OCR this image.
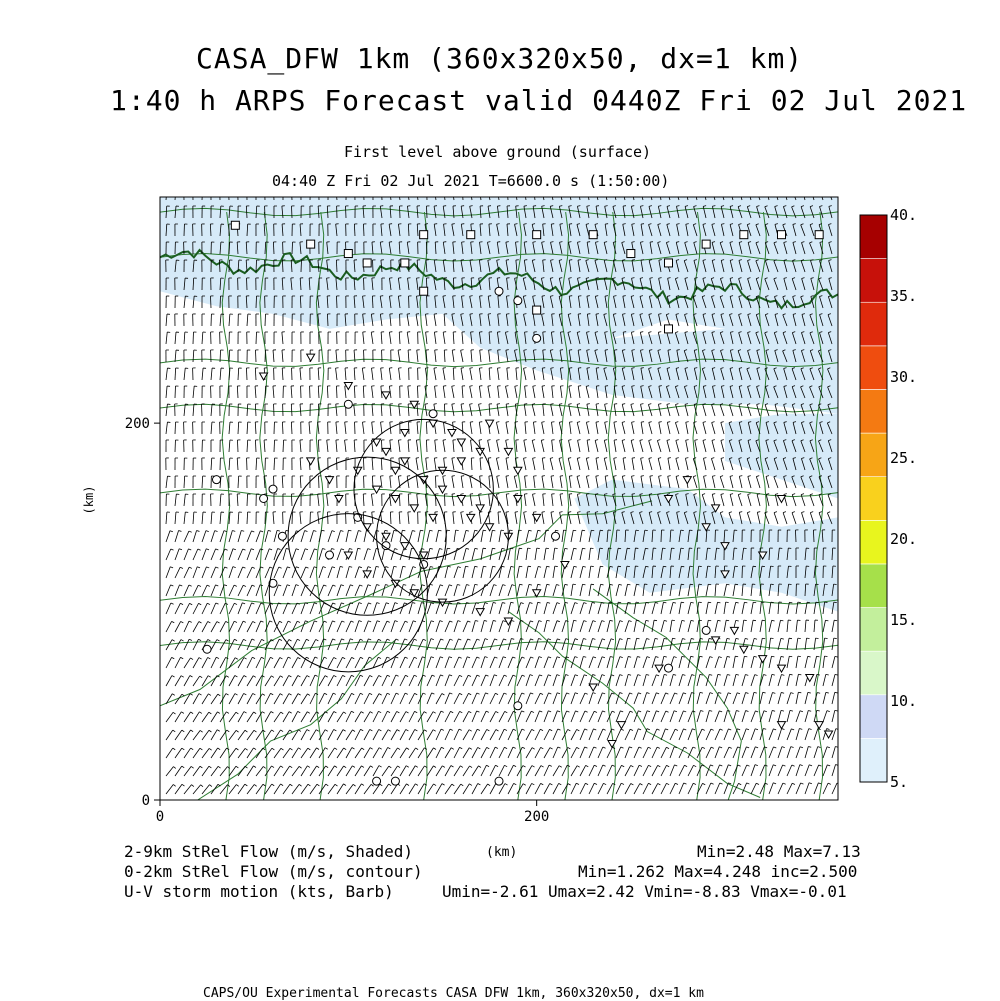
0	200
0
200
(km)
5.
10.
15.
20.
25.
30.
35.
40.
CASA_DFW 1km (360x320x50, dx=1 km)
1:40 h ARPS Forecast valid 0440Z Fri 02 Jul 2021
First level above ground (surface)
04:40 Z Fri 02 Jul 2021 T=6600.0 s (1:50:00)
2-9km StRel Flow (m/s, Shaded)
0-2km StRel Flow (m/s, contour)
U-V storm motion (kts, Barb)
(km)	Min=2.48 Max=7.13
Min=1.262 Max=4.248 inc=2.500
Umin=-2.61 Umax=2.42 Vmin=-8.83 Vmax=-0.01
CAPS/OU Experimental Forecasts CASA DFW 1km, 360x320x50, dx=1 km
